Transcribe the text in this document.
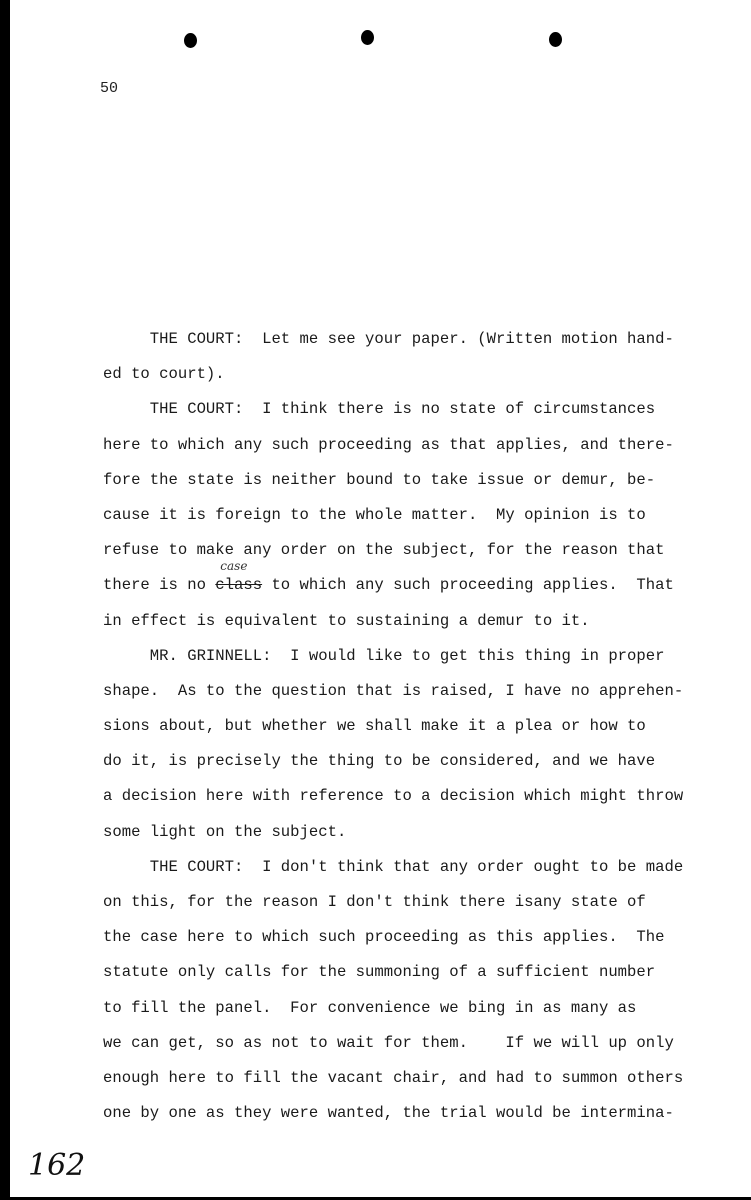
50
THE COURT:  Let me see your paper. (Written motion hand-
ed to court).
THE COURT:  I think there is no state of circumstances
here to which any such proceeding as that applies, and there-
fore the state is neither bound to take issue or demur, be-
cause it is foreign to the whole matter.  My opinion is to
refuse to make any order on the subject, for the reason that
there is no class
case
to which any such proceeding applies.  That
in effect is equivalent to sustaining a demur to it.
MR. GRINNELL:  I would like to get this thing in proper
shape.  As to the question that is raised, I have no apprehen-
sions about, but whether we shall make it a plea or how to
do it, is precisely the thing to be considered, and we have
a decision here with reference to a decision which might throw
some light on the subject.
THE COURT:  I don't think that any order ought to be made
on this, for the reason I don't think there isany state of
the case here to which such proceeding as this applies.  The
statute only calls for the summoning of a sufficient number
to fill the panel.  For convenience we bing in as many as
we can get, so as not to wait for them.    If we will up only
enough here to fill the vacant chair, and had to summon others
one by one as they were wanted, the trial would be intermina-
162
